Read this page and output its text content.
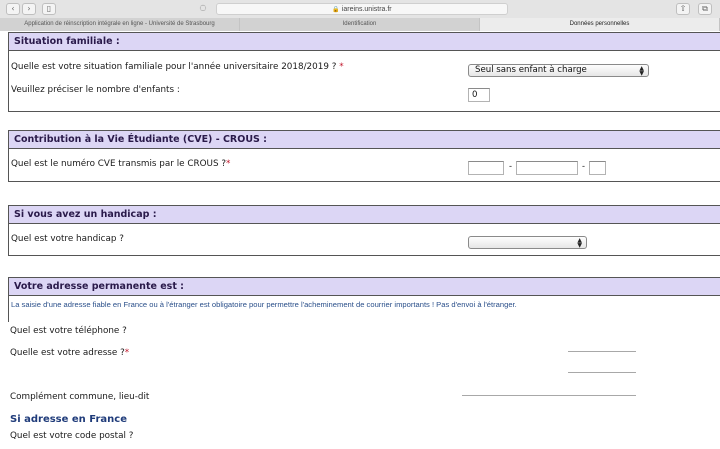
‹	›	▯	◌	🔒 iareins.unistra.fr	⇧	⧉
Application de réinscription intégrale en ligne - Université de Strasbourg	Identification	Données personnelles
Situation familiale :
Quelle est votre situation familiale pour l'année universitaire 2018/2019 ? *	Seul sans enfant à charge	▲
▼
Veuillez préciser le nombre d'enfants :	0
Contribution à la Vie Étudiante (CVE) - CROUS :
Quel est le numéro CVE transmis par le CROUS ?*	-	-
Si vous avez un handicap :
Quel est votre handicap ?	▲
▼
Votre adresse permanente est :
La saisie d'une adresse fiable en France ou à l'étranger est obligatoire pour permettre l'acheminement de courrier importants ! Pas d'envoi à l'étranger.
Quel est votre téléphone ?
Quelle est votre adresse ?*
Complément commune, lieu-dit
Si adresse en France
Quel est votre code postal ?
